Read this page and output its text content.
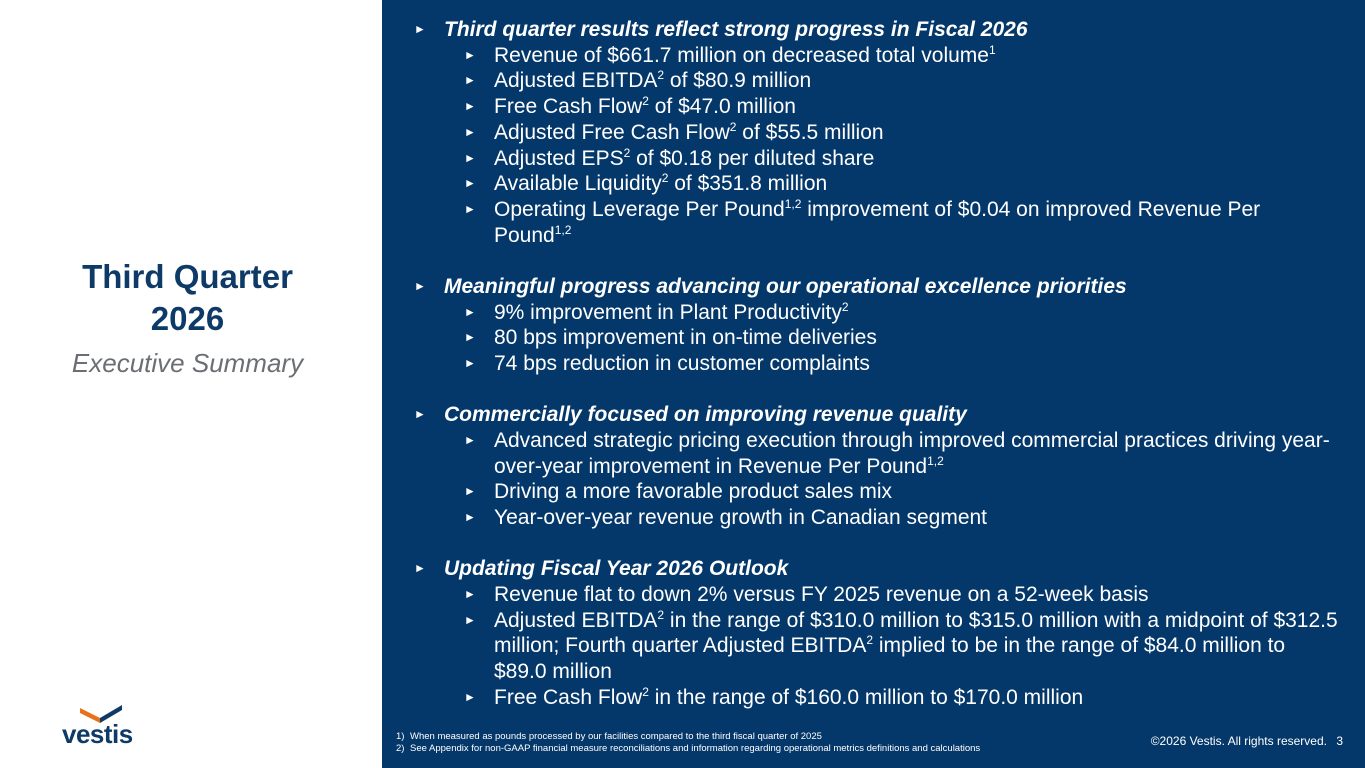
Third Quarter
2026
Executive Summary
vestis
► Third quarter results reflect strong progress in Fiscal 2026
► Revenue of $661.7 million on decreased total volume$^1$
► Adjusted EBITDA$^2$ of $80.9 million
► Free Cash Flow$^2$ of $47.0 million
► Adjusted Free Cash Flow$^2$ of $55.5 million
► Adjusted EPS$^2$ of $0.18 per diluted share
► Available Liquidity$^2$ of $351.8 million
► Operating Leverage Per Pound$^{1,2}$ improvement of $0.04 on improved Revenue Per Pound$^{1,2}$
► Meaningful progress advancing our operational excellence priorities
► 9% improvement in Plant Productivity$^2$
► 80 bps improvement in on-time deliveries
► 74 bps reduction in customer complaints
► Commercially focused on improving revenue quality
► Advanced strategic pricing execution through improved commercial practices driving year-over-year improvement in Revenue Per Pound$^{1,2}$
► Driving a more favorable product sales mix
► Year-over-year revenue growth in Canadian segment
► Updating Fiscal Year 2026 Outlook
► Revenue flat to down 2% versus FY 2025 revenue on a 52-week basis
► Adjusted EBITDA$^2$ in the range of $310.0 million to $315.0 million with a midpoint of $312.5 million; Fourth quarter Adjusted EBITDA$^2$ implied to be in the range of $84.0 million to $89.0 million
► Free Cash Flow$^2$ in the range of $160.0 million to $170.0 million
1) When measured as pounds processed by our facilities compared to the third fiscal quarter of 2025
2) See Appendix for non-GAAP financial measure reconciliations and information regarding operational metrics definitions and calculations	©2026 Vestis. All rights reserved. 3
